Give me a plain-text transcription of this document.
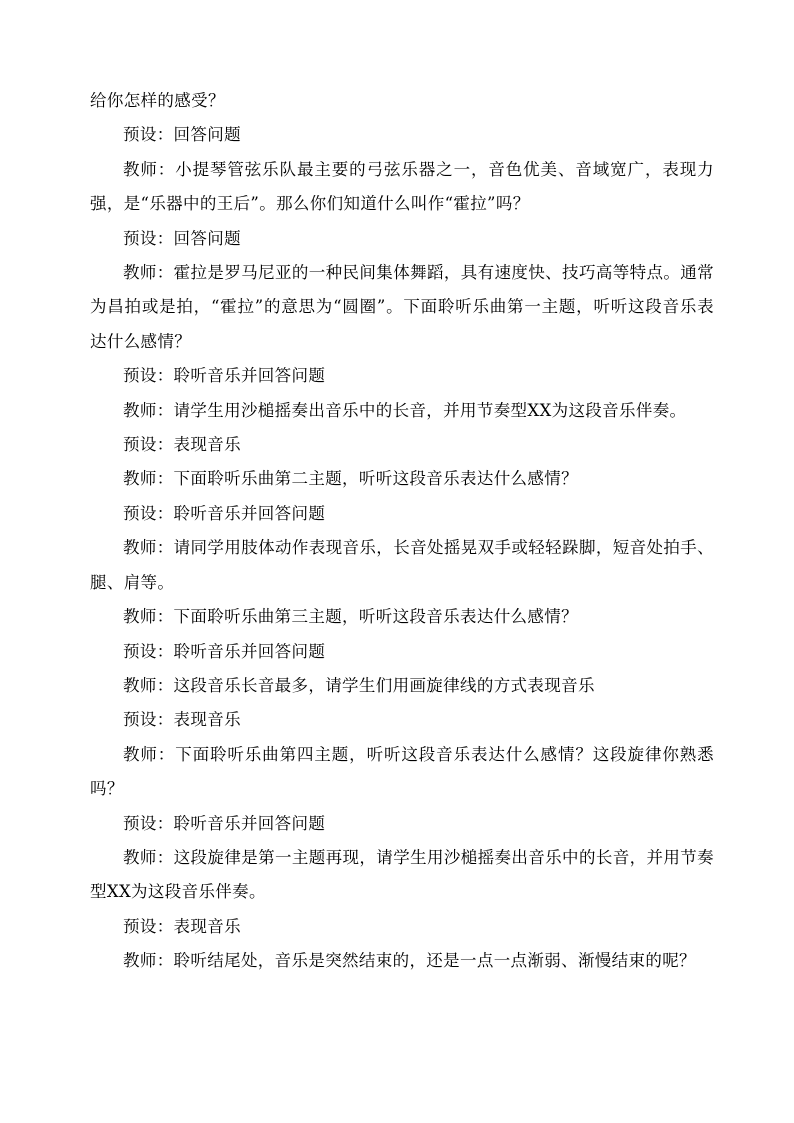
给你怎样的感受？

预设：回答问题

教师：小提琴管弦乐队最主要的弓弦乐器之一，音色优美、音域宽广，表现力强，是“乐器中的王后”。那么你们知道什么叫作“霍拉”吗？

预设：回答问题

教师：霍拉是罗马尼亚的一种民间集体舞蹈，具有速度快、技巧高等特点。通常为昌拍或是拍，“霍拉”的意思为“圆圈”。下面聆听乐曲第一主题，听听这段音乐表达什么感情？

预设：聆听音乐并回答问题

教师：请学生用沙槌摇奏出音乐中的长音，并用节奏型XX为这段音乐伴奏。

预设：表现音乐

教师：下面聆听乐曲第二主题，听听这段音乐表达什么感情？

预设：聆听音乐并回答问题

教师：请同学用肢体动作表现音乐，长音处摇晃双手或轻轻跺脚，短音处拍手、腿、肩等。

教师：下面聆听乐曲第三主题，听听这段音乐表达什么感情？

预设：聆听音乐并回答问题

教师：这段音乐长音最多，请学生们用画旋律线的方式表现音乐

预设：表现音乐

教师：下面聆听乐曲第四主题，听听这段音乐表达什么感情？这段旋律你熟悉吗？

预设：聆听音乐并回答问题

教师：这段旋律是第一主题再现，请学生用沙槌摇奏出音乐中的长音，并用节奏型XX为这段音乐伴奏。

预设：表现音乐

教师：聆听结尾处，音乐是突然结束的，还是一点一点渐弱、渐慢结束的呢？
